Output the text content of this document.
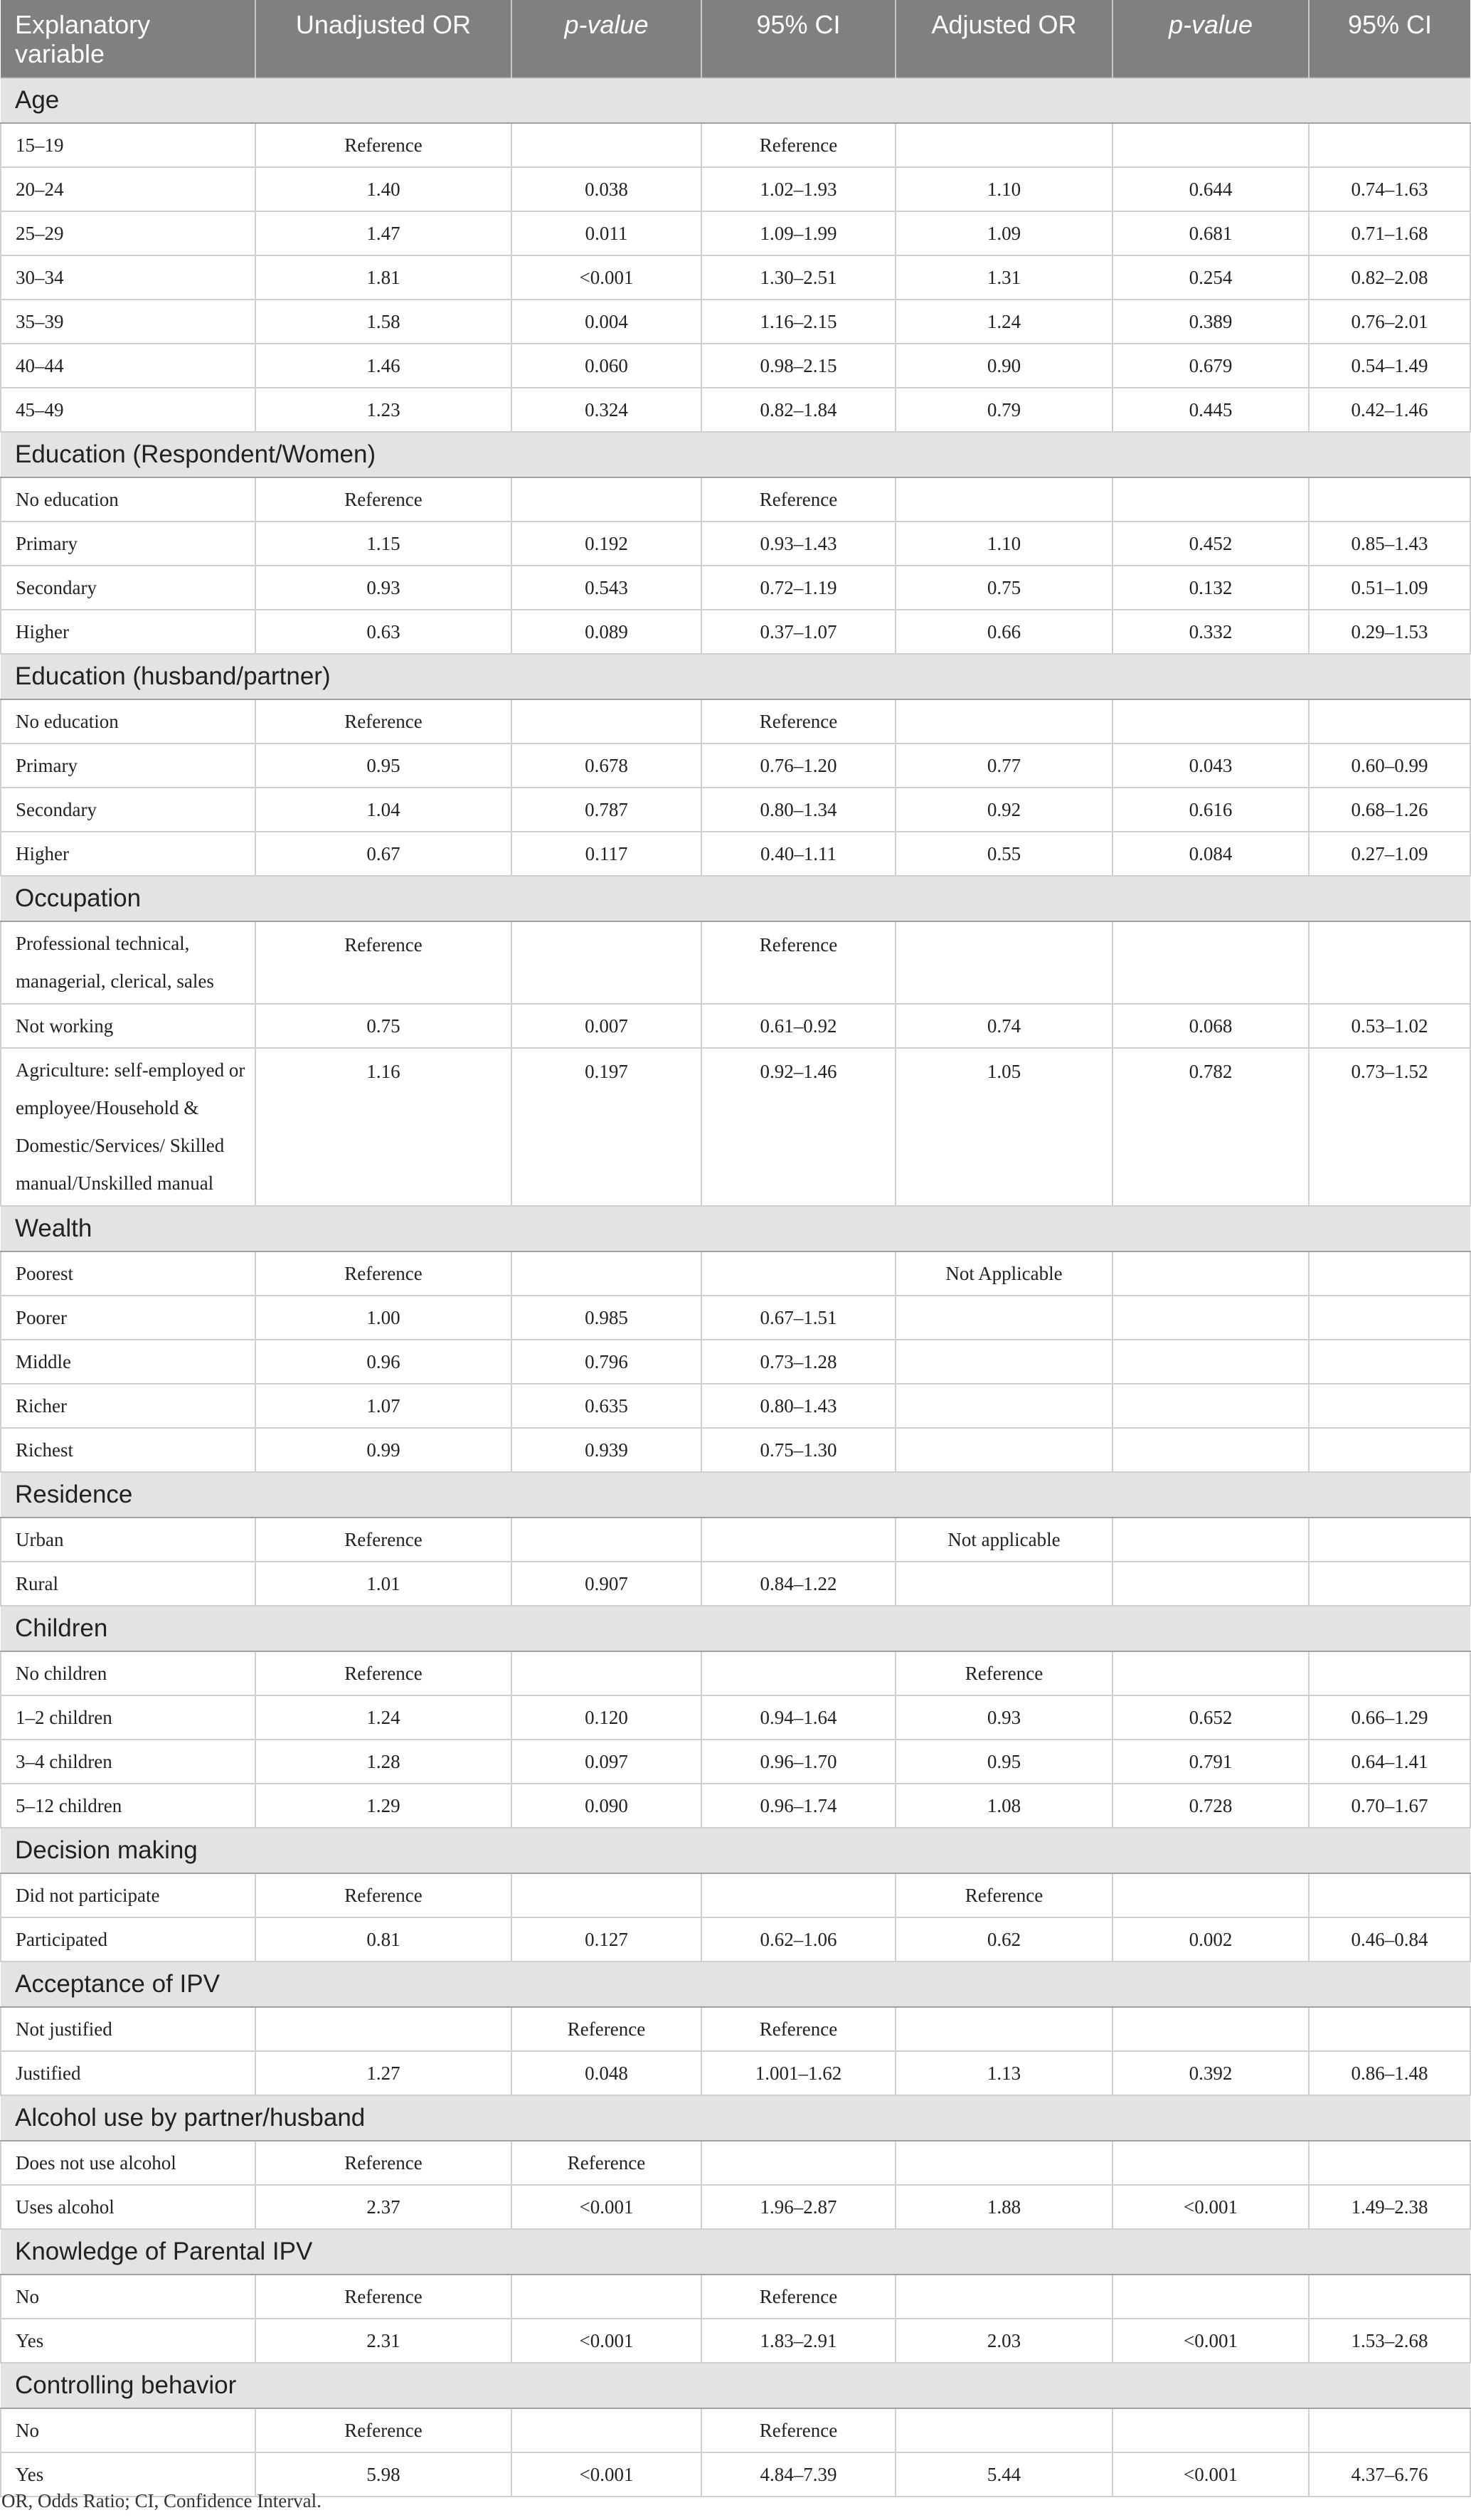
Explanatory variable	Unadjusted OR	p-value	95% CI	Adjusted OR	p-value	95% CI
Age						
15–19	Reference		Reference			
20–24	1.40	0.038	1.02–1.93	1.10	0.644	0.74–1.63
25–29	1.47	0.011	1.09–1.99	1.09	0.681	0.71–1.68
30–34	1.81	<0.001	1.30–2.51	1.31	0.254	0.82–2.08
35–39	1.58	0.004	1.16–2.15	1.24	0.389	0.76–2.01
40–44	1.46	0.060	0.98–2.15	0.90	0.679	0.54–1.49
45–49	1.23	0.324	0.82–1.84	0.79	0.445	0.42–1.46
Education (Respondent/Women)						
No education	Reference		Reference			
Primary	1.15	0.192	0.93–1.43	1.10	0.452	0.85–1.43
Secondary	0.93	0.543	0.72–1.19	0.75	0.132	0.51–1.09
Higher	0.63	0.089	0.37–1.07	0.66	0.332	0.29–1.53
Education (husband/partner)						
No education	Reference		Reference			
Primary	0.95	0.678	0.76–1.20	0.77	0.043	0.60–0.99
Secondary	1.04	0.787	0.80–1.34	0.92	0.616	0.68–1.26
Higher	0.67	0.117	0.40–1.11	0.55	0.084	0.27–1.09
Occupation						
Professional technical, managerial, clerical, sales	Reference		Reference			
Not working	0.75	0.007	0.61–0.92	0.74	0.068	0.53–1.02
Agriculture: self-employed or employee/Household & Domestic/Services/ Skilled manual/Unskilled manual	1.16	0.197	0.92–1.46	1.05	0.782	0.73–1.52
Wealth						
Poorest	Reference			Not Applicable		
Poorer	1.00	0.985	0.67–1.51			
Middle	0.96	0.796	0.73–1.28			
Richer	1.07	0.635	0.80–1.43			
Richest	0.99	0.939	0.75–1.30			
Residence						
Urban	Reference			Not applicable		
Rural	1.01	0.907	0.84–1.22			
Children						
No children	Reference			Reference		
1–2 children	1.24	0.120	0.94–1.64	0.93	0.652	0.66–1.29
3–4 children	1.28	0.097	0.96–1.70	0.95	0.791	0.64–1.41
5–12 children	1.29	0.090	0.96–1.74	1.08	0.728	0.70–1.67
Decision making						
Did not participate	Reference			Reference		
Participated	0.81	0.127	0.62–1.06	0.62	0.002	0.46–0.84
Acceptance of IPV						
Not justified		Reference	Reference			
Justified	1.27	0.048	1.001–1.62	1.13	0.392	0.86–1.48
Alcohol use by partner/husband						
Does not use alcohol	Reference	Reference				
Uses alcohol	2.37	<0.001	1.96–2.87	1.88	<0.001	1.49–2.38
Knowledge of Parental IPV						
No	Reference		Reference			
Yes	2.31	<0.001	1.83–2.91	2.03	<0.001	1.53–2.68
Controlling behavior						
No	Reference		Reference			
Yes	5.98	<0.001	4.84–7.39	5.44	<0.001	4.37–6.76
OR, Odds Ratio; CI, Confidence Interval.
